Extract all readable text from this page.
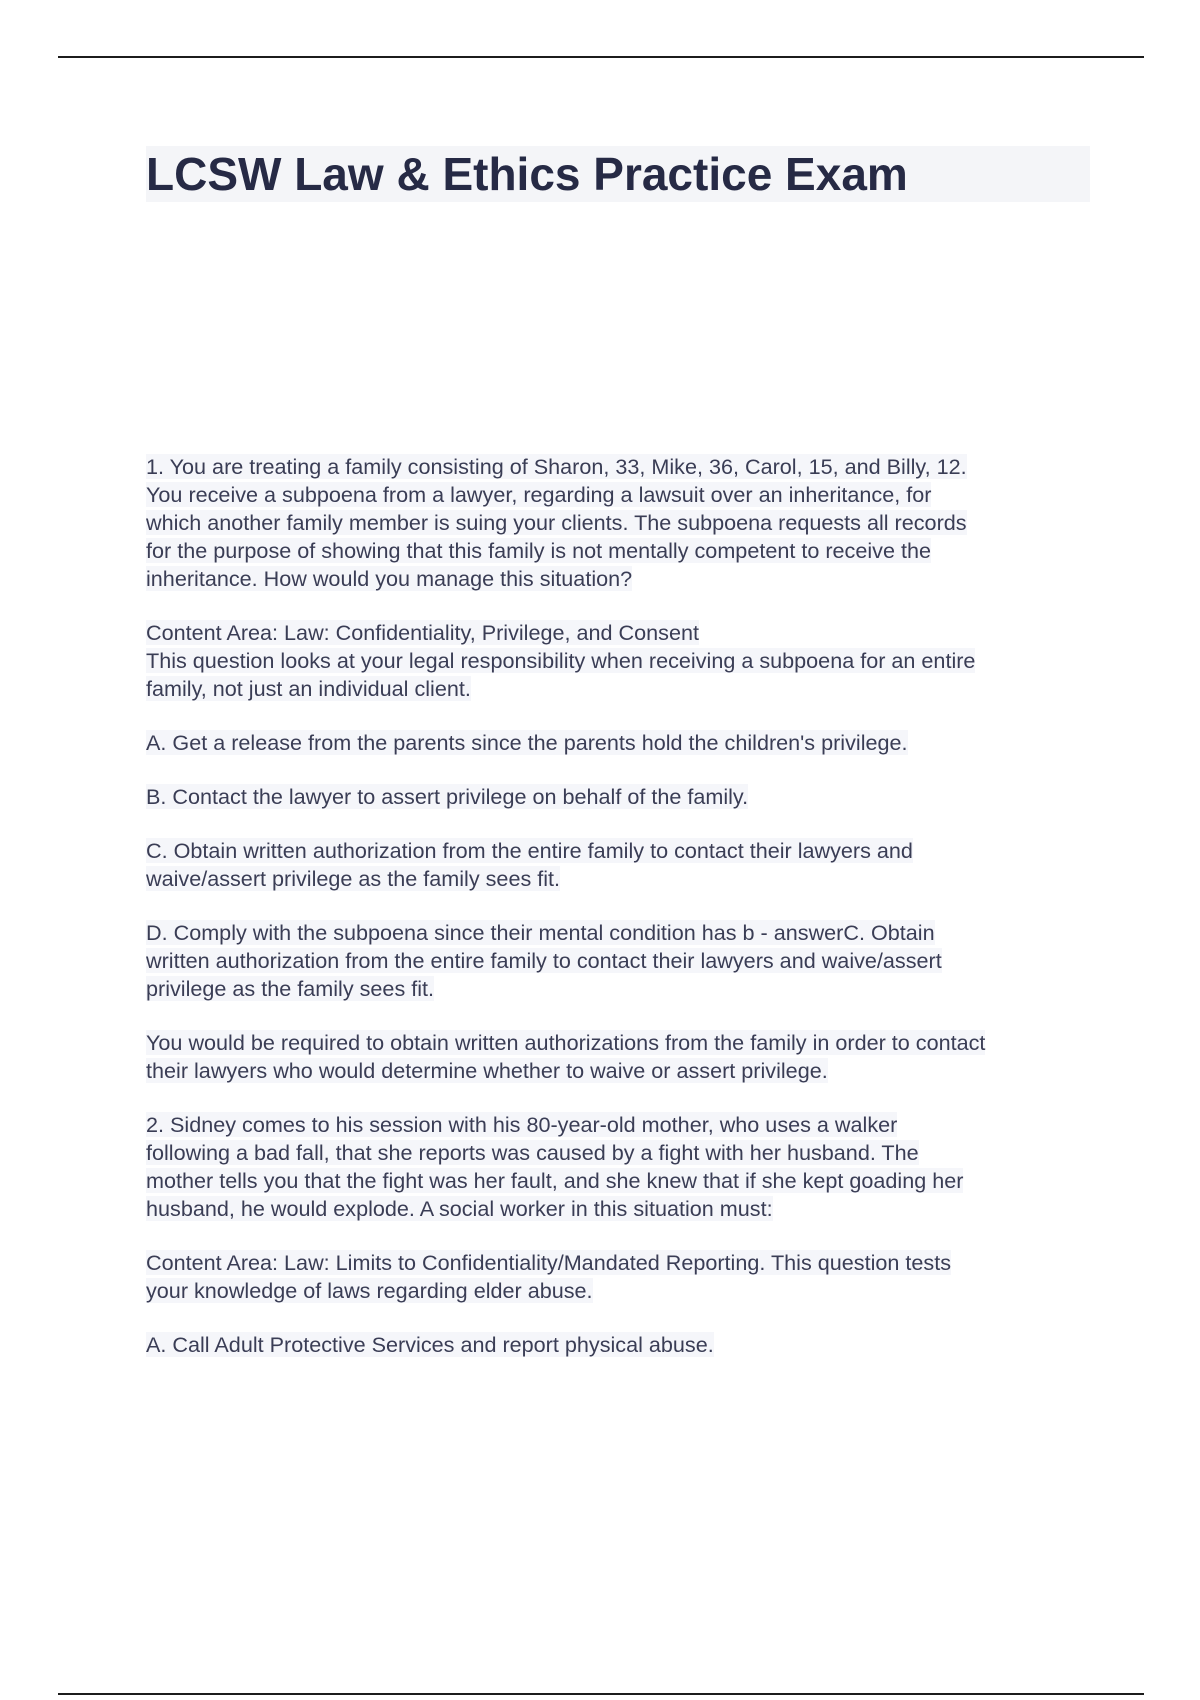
LCSW Law & Ethics Practice Exam

1. You are treating a family consisting of Sharon, 33, Mike, 36, Carol, 15, and Billy, 12.

You receive a subpoena from a lawyer, regarding a lawsuit over an inheritance, for

which another family member is suing your clients. The subpoena requests all records

for the purpose of showing that this family is not mentally competent to receive the

inheritance. How would you manage this situation?

Content Area: Law: Confidentiality, Privilege, and Consent

This question looks at your legal responsibility when receiving a subpoena for an entire

family, not just an individual client.

A. Get a release from the parents since the parents hold the children's privilege.

B. Contact the lawyer to assert privilege on behalf of the family.

C. Obtain written authorization from the entire family to contact their lawyers and

waive/assert privilege as the family sees fit.

D. Comply with the subpoena since their mental condition has b - answerC. Obtain

written authorization from the entire family to contact their lawyers and waive/assert

privilege as the family sees fit.

You would be required to obtain written authorizations from the family in order to contact

their lawyers who would determine whether to waive or assert privilege.

2. Sidney comes to his session with his 80-year-old mother, who uses a walker

following a bad fall, that she reports was caused by a fight with her husband. The

mother tells you that the fight was her fault, and she knew that if she kept goading her

husband, he would explode. A social worker in this situation must:

Content Area: Law: Limits to Confidentiality/Mandated Reporting. This question tests

your knowledge of laws regarding elder abuse.

A. Call Adult Protective Services and report physical abuse.
